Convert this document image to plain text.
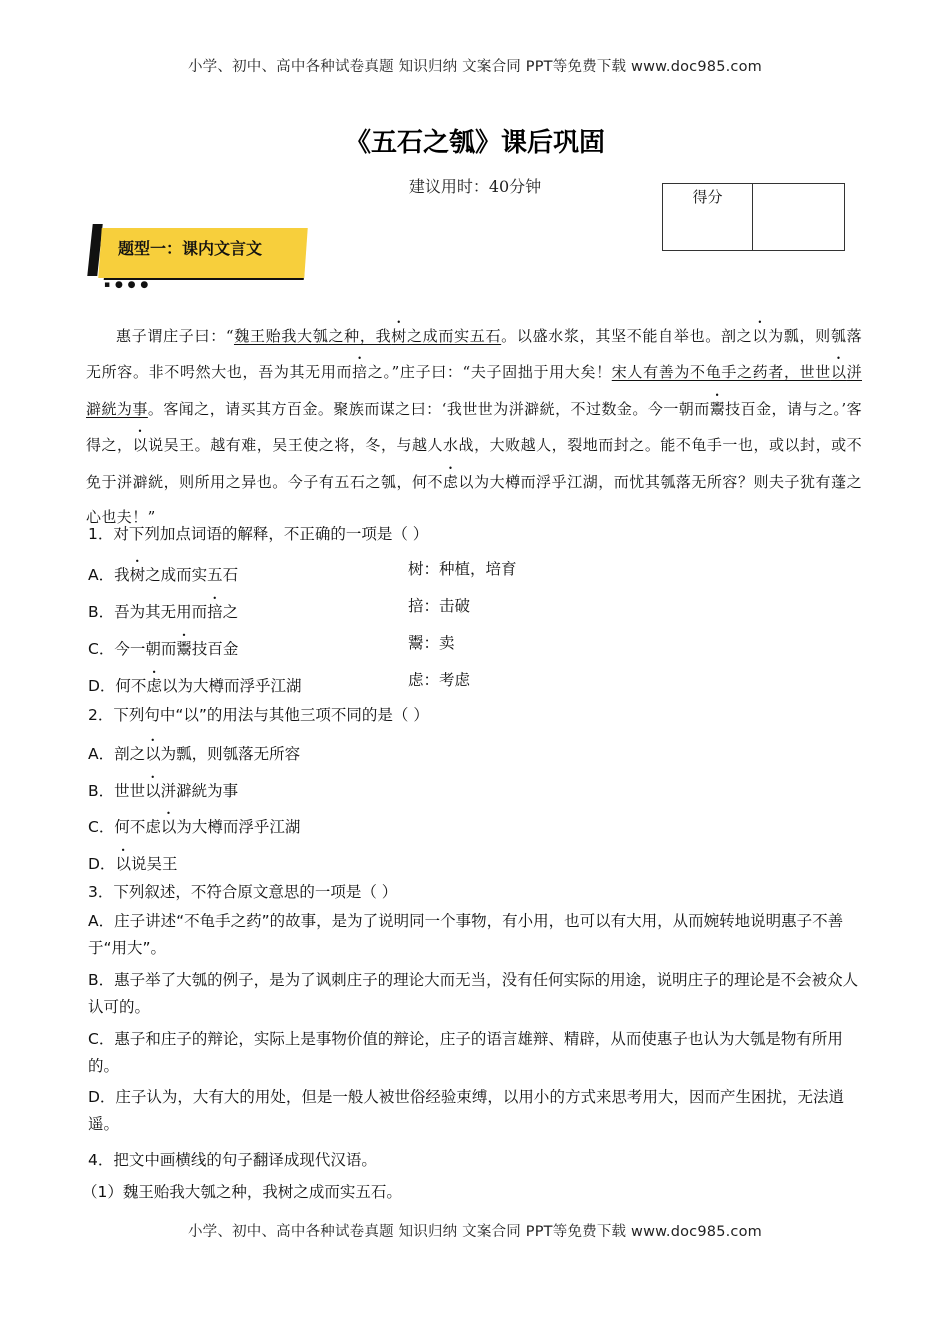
小学、初中、高中各种试卷真题 知识归纳 文案合同 PPT等免费下载 www.doc985.com
《五石之瓠》课后巩固
建议用时：40分钟
得分
▪ ● ● ●
题型一：课内文言文
惠子谓庄子曰：“魏王贻我大瓠之种，我树之成而实五石。以盛水浆，其坚不能自举也。剖之以为瓢，则瓠落无所容。非不呺然大也，吾为其无用而掊之。”庄子曰：“夫子固拙于用大矣！宋人有善为不龟手之药者，世世以洴澼絖为事。客闻之，请买其方百金。聚族而谋之曰：‘我世世为洴澼絖，不过数金。今一朝而鬻技百金，请与之。’客得之，以说吴王。越有难，吴王使之将，冬，与越人水战，大败越人，裂地而封之。能不龟手一也，或以封，或不免于洴澼絖，则所用之异也。今子有五石之瓠，何不虑以为大樽而浮乎江湖，而忧其瓠落无所容？则夫子犹有蓬之心也夫！”
1．对下列加点词语的解释，不正确的一项是（ ）
A．我树之成而实五石	树：种植，培育
B．吾为其无用而掊之	掊：击破
C．今一朝而鬻技百金	鬻：卖
D．何不虑以为大樽而浮乎江湖	虑：考虑
2．下列句中“以”的用法与其他三项不同的是（ ）
A．剖之以为瓢，则瓠落无所容
B．世世以洴澼絖为事
C．何不虑以为大樽而浮乎江湖
D．以说吴王
3．下列叙述，不符合原文意思的一项是（ ）
A．庄子讲述“不龟手之药”的故事，是为了说明同一个事物，有小用，也可以有大用，从而婉转地说明惠子不善于“用大”。
B．惠子举了大瓠的例子，是为了讽刺庄子的理论大而无当，没有任何实际的用途，说明庄子的理论是不会被众人认可的。
C．惠子和庄子的辩论，实际上是事物价值的辩论，庄子的语言雄辩、精辟，从而使惠子也认为大瓠是物有所用的。
D．庄子认为，大有大的用处，但是一般人被世俗经验束缚，以用小的方式来思考用大，因而产生困扰，无法逍遥。
4．把文中画横线的句子翻译成现代汉语。
（1）魏王贻我大瓠之种，我树之成而实五石。
小学、初中、高中各种试卷真题 知识归纳 文案合同 PPT等免费下载 www.doc985.com
